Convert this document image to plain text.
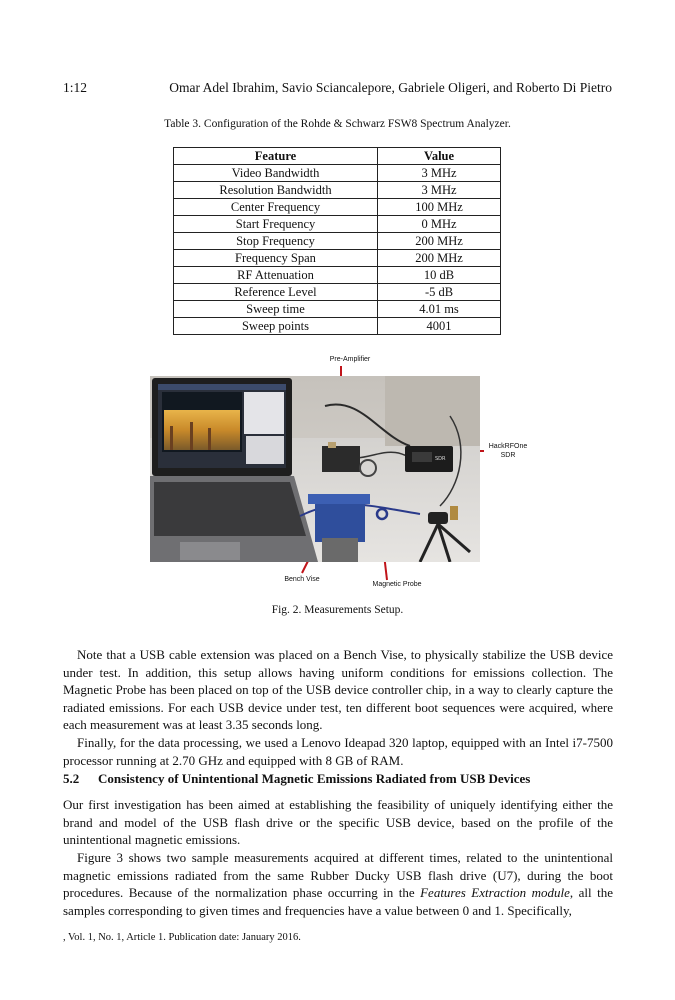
1:12	Omar Adel Ibrahim, Savio Sciancalepore, Gabriele Oligeri, and Roberto Di Pietro
Table 3. Configuration of the Rohde & Schwarz FSW8 Spectrum Analyzer.
Feature	Value
Video Bandwidth	3 MHz
Resolution Bandwidth	3 MHz
Center Frequency	100 MHz
Start Frequency	0 MHz
Stop Frequency	200 MHz
Frequency Span	200 MHz
RF Attenuation	10 dB
Reference Level	-5 dB
Sweep time	4.01 ms
Sweep points	4001
Pre-Amplifier
HackRFOne
SDR
Bench Vise
Magnetic Probe
SDR
Fig. 2. Measurements Setup.

Note that a USB cable extension was placed on a Bench Vise, to physically stabilize the USB device under test. In addition, this setup allows having uniform conditions for emissions collection. The Magnetic Probe has been placed on top of the USB device controller chip, in a way to clearly capture the radiated emissions. For each USB device under test, ten different boot sequences were acquired, where each measurement was at least 3.35 seconds long.

Finally, for the data processing, we used a Lenovo Ideapad 320 laptop, equipped with an Intel i7-7500 processor running at 2.70 GHz and equipped with 8 GB of RAM.

5.2 Consistency of Unintentional Magnetic Emissions Radiated from USB Devices

Our first investigation has been aimed at establishing the feasibility of uniquely identifying either the brand and model of the USB flash drive or the specific USB device, based on the profile of the unintentional magnetic emissions.

Figure 3 shows two sample measurements acquired at different times, related to the unintentional magnetic emissions radiated from the same Rubber Ducky USB flash drive (U7), during the boot procedures. Because of the normalization phase occurring in the Features Extraction module, all the samples corresponding to given times and frequencies have a value between 0 and 1. Specifically,

, Vol. 1, No. 1, Article 1. Publication date: January 2016.
